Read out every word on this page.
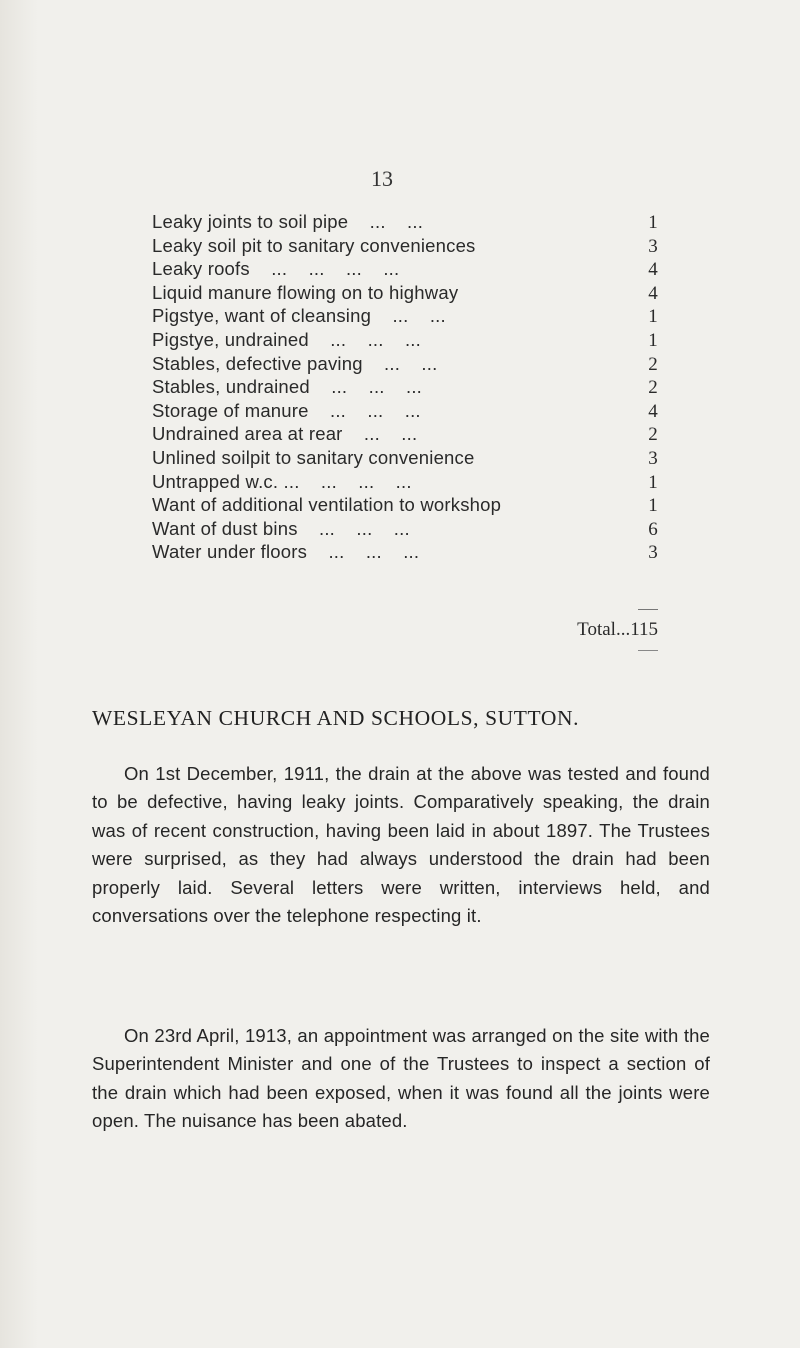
13
Leaky joints to soil pipe    ...    ...	1
Leaky soil pit to sanitary conveniences	3
Leaky roofs    ...    ...    ...    ...	4
Liquid manure flowing on to highway	4
Pigstye, want of cleansing    ...    ...	1
Pigstye, undrained    ...    ...    ...	1
Stables, defective paving    ...    ...	2
Stables, undrained    ...    ...    ...	2
Storage of manure    ...    ...    ...	4
Undrained area at rear    ...    ...	2
Unlined soilpit to sanitary convenience	3
Untrapped w.c. ...    ...    ...    ...	1
Want of additional ventilation to workshop	1
Want of dust bins    ...    ...    ...	6
Water under floors    ...    ...    ...	3
Total...115
WESLEYAN CHURCH AND SCHOOLS, SUTTON.

On 1st December, 1911, the drain at the above was tested and found to be defective, having leaky joints. Comparatively speaking, the drain was of recent construction, having been laid in about 1897. The Trustees were surprised, as they had always understood the drain had been properly laid. Several letters were written, interviews held, and conversations over the telephone respecting it.

On 23rd April, 1913, an appointment was arranged on the site with the Superintendent Minister and one of the Trustees to inspect a section of the drain which had been exposed, when it was found all the joints were open. The nuisance has been abated.
